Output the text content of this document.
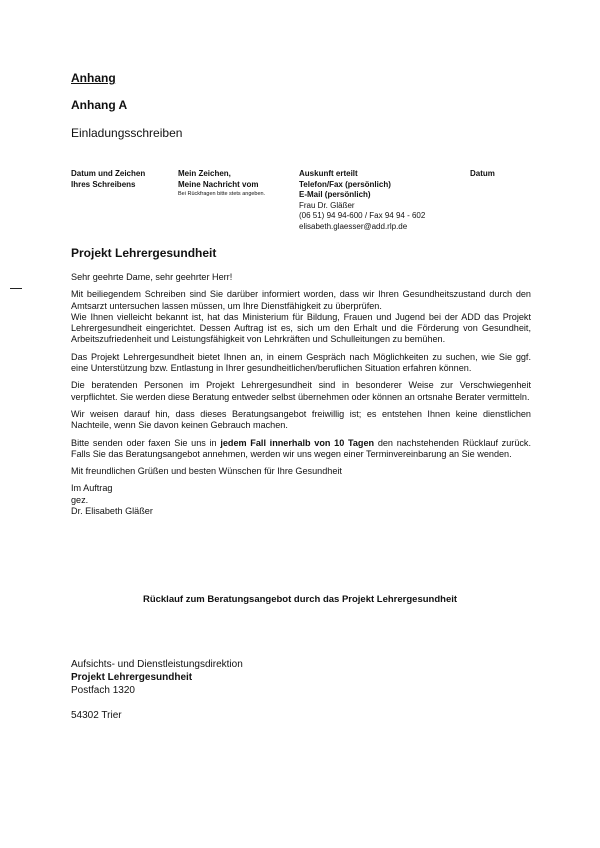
Anhang
Anhang A
Einladungsschreiben
Datum und Zeichen
Ihres Schreibens
Mein Zeichen,
Meine Nachricht vom
Bei Rückfragen bitte stets angeben.
Auskunft erteilt
Telefon/Fax (persönlich)
E-Mail (persönlich)
Frau Dr. Gläßer
(06 51) 94 94-600 / Fax 94 94 - 602
elisabeth.glaesser@add.rlp.de
Datum
Projekt Lehrergesundheit

Sehr geehrte Dame, sehr geehrter Herr!

Mit beiliegendem Schreiben sind Sie darüber informiert worden, dass wir Ihren Gesundheitszustand durch den Amtsarzt untersuchen lassen müssen, um Ihre Dienstfähigkeit zu überprüfen.

Wie Ihnen vielleicht bekannt ist, hat das Ministerium für Bildung, Frauen und Jugend bei der ADD das Projekt Lehrergesundheit eingerichtet. Dessen Auftrag ist es, sich um den Erhalt und die Förderung von Gesundheit, Arbeitszufriedenheit und Leistungsfähigkeit von Lehrkräften und Schulleitungen zu bemühen.

Das Projekt Lehrergesundheit bietet Ihnen an, in einem Gespräch nach Möglichkeiten zu suchen, wie Sie ggf. eine Unterstützung bzw. Entlastung in Ihrer gesundheitlichen/beruflichen Situation erfahren können.

Die beratenden Personen im Projekt Lehrergesundheit sind in besonderer Weise zur Verschwiegenheit verpflichtet. Sie werden diese Beratung entweder selbst übernehmen oder können an ortsnahe Berater vermitteln.

Wir weisen darauf hin, dass dieses Beratungsangebot freiwillig ist; es entstehen Ihnen keine dienstlichen Nachteile, wenn Sie davon keinen Gebrauch machen.

Bitte senden oder faxen Sie uns in jedem Fall innerhalb von 10 Tagen den nachstehenden Rücklauf zurück. Falls Sie das Beratungsangebot annehmen, werden wir uns wegen einer Terminvereinbarung an Sie wenden.

Mit freundlichen Grüßen und besten Wünschen für Ihre Gesundheit

Im Auftrag
gez.
Dr. Elisabeth Gläßer
Rücklauf zum Beratungsangebot durch das Projekt Lehrergesundheit
Aufsichts- und Dienstleistungsdirektion
Projekt Lehrergesundheit
Postfach 1320
54302 Trier
